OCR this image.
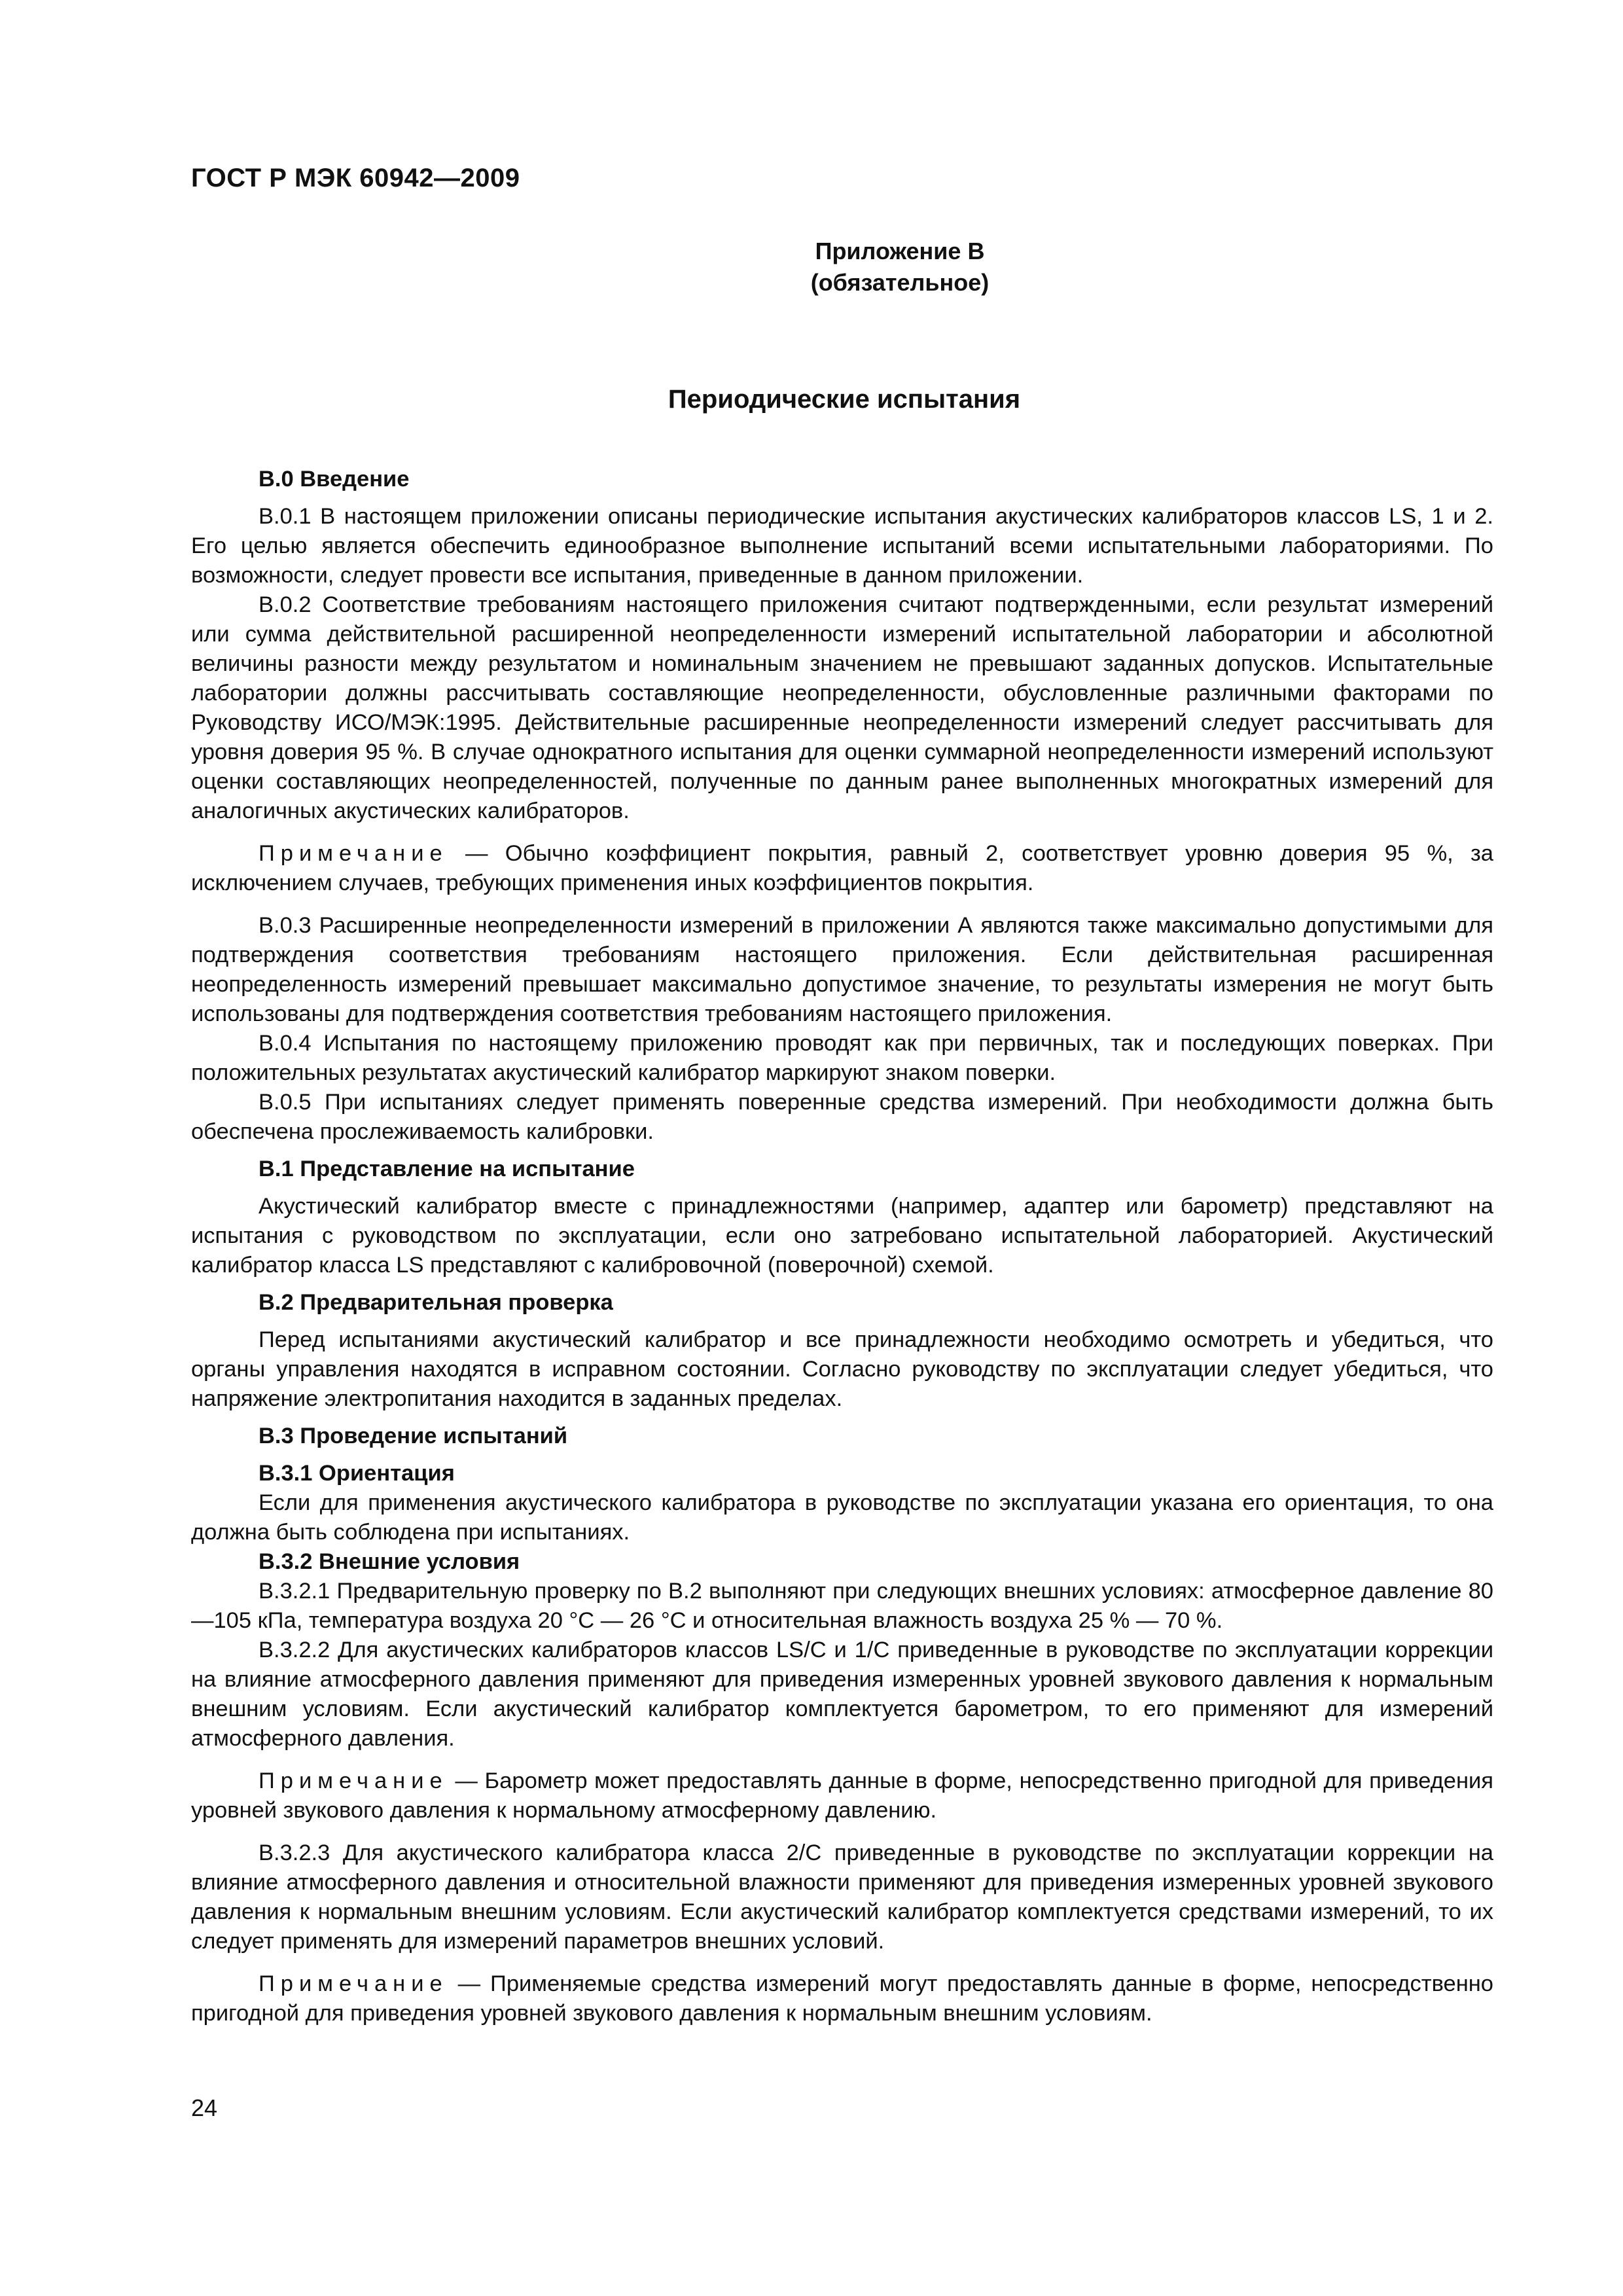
ГОСТ Р МЭК 60942—2009
Приложение В
(обязательное)
Периодические испытания
В.0 Введение

В.0.1 В настоящем приложении описаны периодические испытания акустических калибраторов классов LS, 1 и 2. Его целью является обеспечить единообразное выполнение испытаний всеми испытательными лабораториями. По возможности, следует провести все испытания, приведенные в данном приложении.

В.0.2 Соответствие требованиям настоящего приложения считают подтвержденными, если результат измерений или сумма действительной расширенной неопределенности измерений испытательной лаборатории и абсолютной величины разности между результатом и номинальным значением не превышают заданных допусков. Испытательные лаборатории должны рассчитывать составляющие неопределенности, обусловленные различными факторами по Руководству ИСО/МЭК:1995. Действительные расширенные неопределенности измерений следует рассчитывать для уровня доверия 95 %. В случае однократного испытания для оценки суммарной неопределенности измерений используют оценки составляющих неопределенностей, полученные по данным ранее выполненных многократных измерений для аналогичных акустических калибраторов.

Примечание — Обычно коэффициент покрытия, равный 2, соответствует уровню доверия 95 %, за исключением случаев, требующих применения иных коэффициентов покрытия.

В.0.3 Расширенные неопределенности измерений в приложении А являются также максимально допустимыми для подтверждения соответствия требованиям настоящего приложения. Если действительная расширенная неопределенность измерений превышает максимально допустимое значение, то результаты измерения не могут быть использованы для подтверждения соответствия требованиям настоящего приложения.

В.0.4 Испытания по настоящему приложению проводят как при первичных, так и последующих поверках. При положительных результатах акустический калибратор маркируют знаком поверки.

В.0.5 При испытаниях следует применять поверенные средства измерений. При необходимости должна быть обеспечена прослеживаемость калибровки.

В.1 Представление на испытание

Акустический калибратор вместе с принадлежностями (например, адаптер или барометр) представляют на испытания с руководством по эксплуатации, если оно затребовано испытательной лабораторией. Акустический калибратор класса LS представляют с калибровочной (поверочной) схемой.

В.2 Предварительная проверка

Перед испытаниями акустический калибратор и все принадлежности необходимо осмотреть и убедиться, что органы управления находятся в исправном состоянии. Согласно руководству по эксплуатации следует убедиться, что напряжение электропитания находится в заданных пределах.

В.3 Проведение испытаний
В.3.1 Ориентация

Если для применения акустического калибратора в руководстве по эксплуатации указана его ориентация, то она должна быть соблюдена при испытаниях.

В.3.2 Внешние условия

В.3.2.1 Предварительную проверку по В.2 выполняют при следующих внешних условиях: атмосферное давление 80—105 кПа, температура воздуха 20 °С — 26 °С и относительная влажность воздуха 25 % — 70 %.

В.3.2.2 Для акустических калибраторов классов LS/C и 1/C приведенные в руководстве по эксплуатации коррекции на влияние атмосферного давления применяют для приведения измеренных уровней звукового давления к нормальным внешним условиям. Если акустический калибратор комплектуется барометром, то его применяют для измерений атмосферного давления.

Примечание — Барометр может предоставлять данные в форме, непосредственно пригодной для приведения уровней звукового давления к нормальному атмосферному давлению.

В.3.2.3 Для акустического калибратора класса 2/C приведенные в руководстве по эксплуатации коррекции на влияние атмосферного давления и относительной влажности применяют для приведения измеренных уровней звукового давления к нормальным внешним условиям. Если акустический калибратор комплектуется средствами измерений, то их следует применять для измерений параметров внешних условий.

Примечание — Применяемые средства измерений могут предоставлять данные в форме, непосредственно пригодной для приведения уровней звукового давления к нормальным внешним условиям.

24
